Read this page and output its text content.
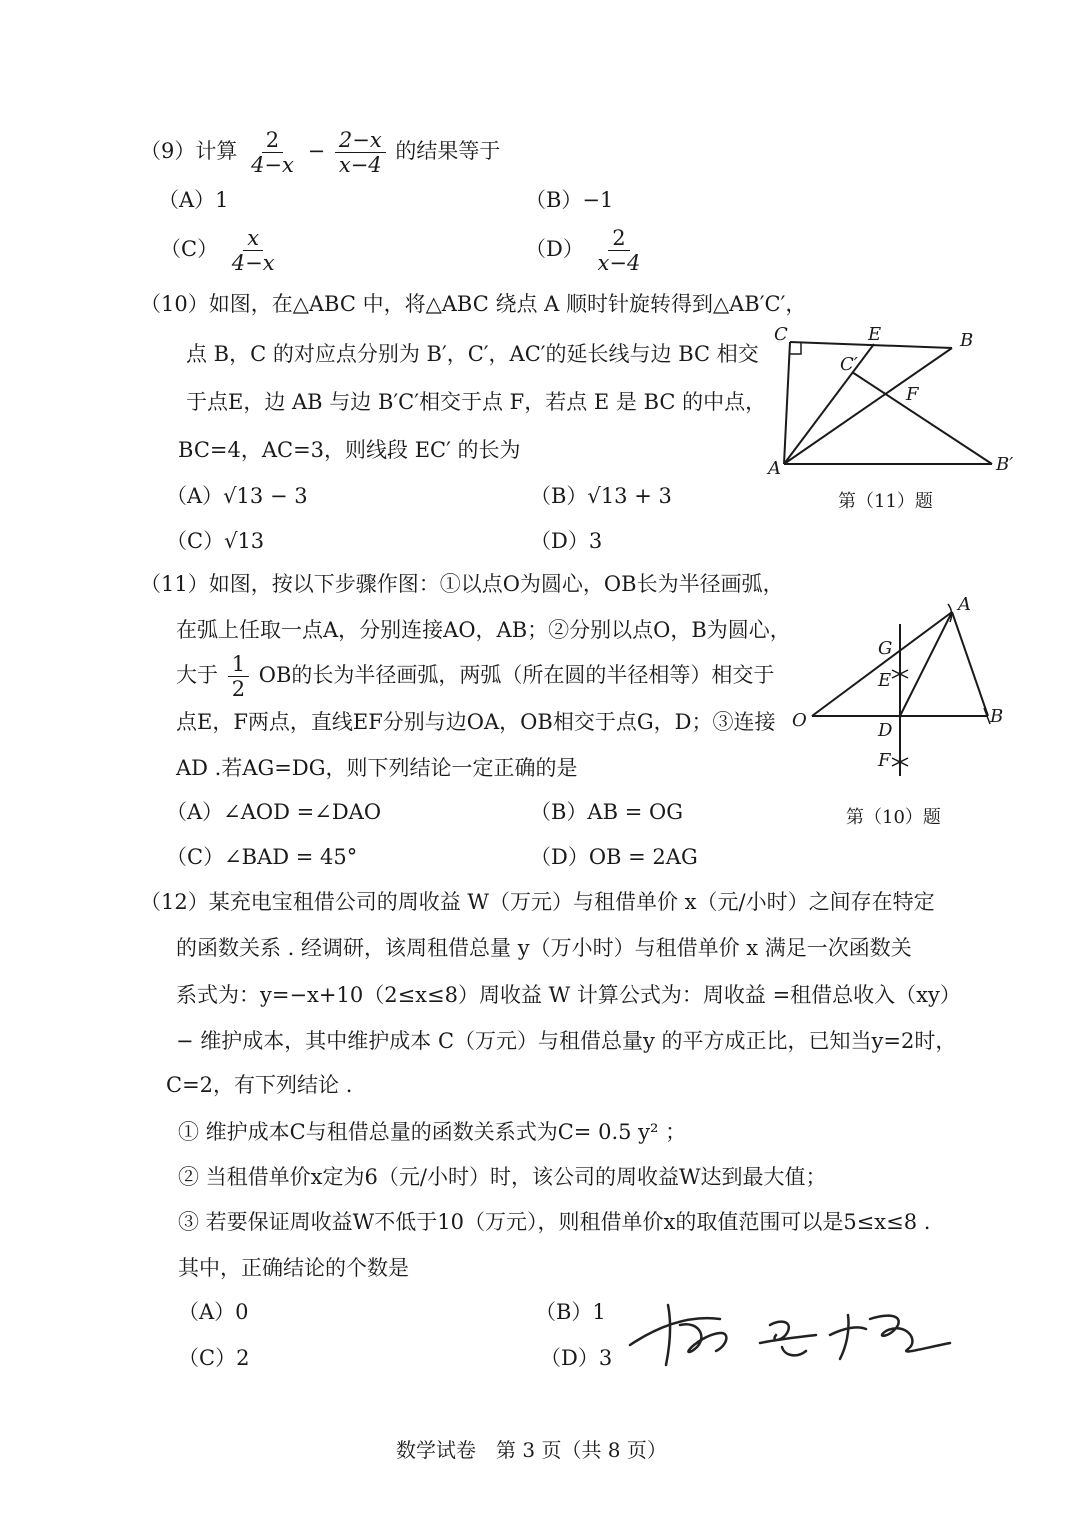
（9）计算 $\frac{2}{4-x} - \frac{2-x}{x-4}$ 的结果等于
（A）1	（B）−1
$(C) \frac{x}{4-x}$	$(D) \frac{2}{x-4}$
（10）如图，在△ABC 中，将△ABC 绕点 A 顺时针旋转得到△AB′C′，
点 B，C 的对应点分别为 B′，C′，AC′的延长线与边 BC 相交
于点E，边 AB 与边 B′C′相交于点 F，若点 E 是 BC 的中点，
BC=4，AC=3，则线段 EC′ 的长为
（A）√13 − 3	（B）√13 + 3
（C）√13	（D）3
C	E	B
C′
F
A	B′
第（11）题
（11）如图，按以下步骤作图：①以点O为圆心，OB长为半径画弧，
在弧上任取一点A，分别连接AO，AB；②分别以点O，B为圆心，
大于 $\frac{1}{2}$ OB的长为半径画弧，两弧（所在圆的半径相等）相交于
点E，F两点，直线EF分别与边OA，OB相交于点G，D；③连接
AD .若AG=DG，则下列结论一定正确的是
（A）∠AOD =∠DAO	（B）AB = OG
（C）∠BAD = 45°	（D）OB = 2AG
A
G
E
O	D
B
F
第（10）题
（12）某充电宝租借公司的周收益 W（万元）与租借单价 x（元/小时）之间存在特定
的函数关系 . 经调研，该周租借总量 y（万小时）与租借单价 x 满足一次函数关
系式为：y=−x+10（2≤x≤8）周收益 W 计算公式为：周收益 =租借总收入（xy）
− 维护成本，其中维护成本 C（万元）与租借总量y 的平方成正比，已知当y=2时，
C=2，有下列结论 .
① 维护成本C与租借总量的函数关系式为C= 0.5 y² ；
② 当租借单价x定为6（元/小时）时，该公司的周收益W达到最大值；
③ 若要保证周收益W不低于10（万元），则租借单价x的取值范围可以是5≤x≤8 .
其中，正确结论的个数是
（A）0	（B）1
（C）2	（D）3
数学试卷　第 3 页（共 8 页）
